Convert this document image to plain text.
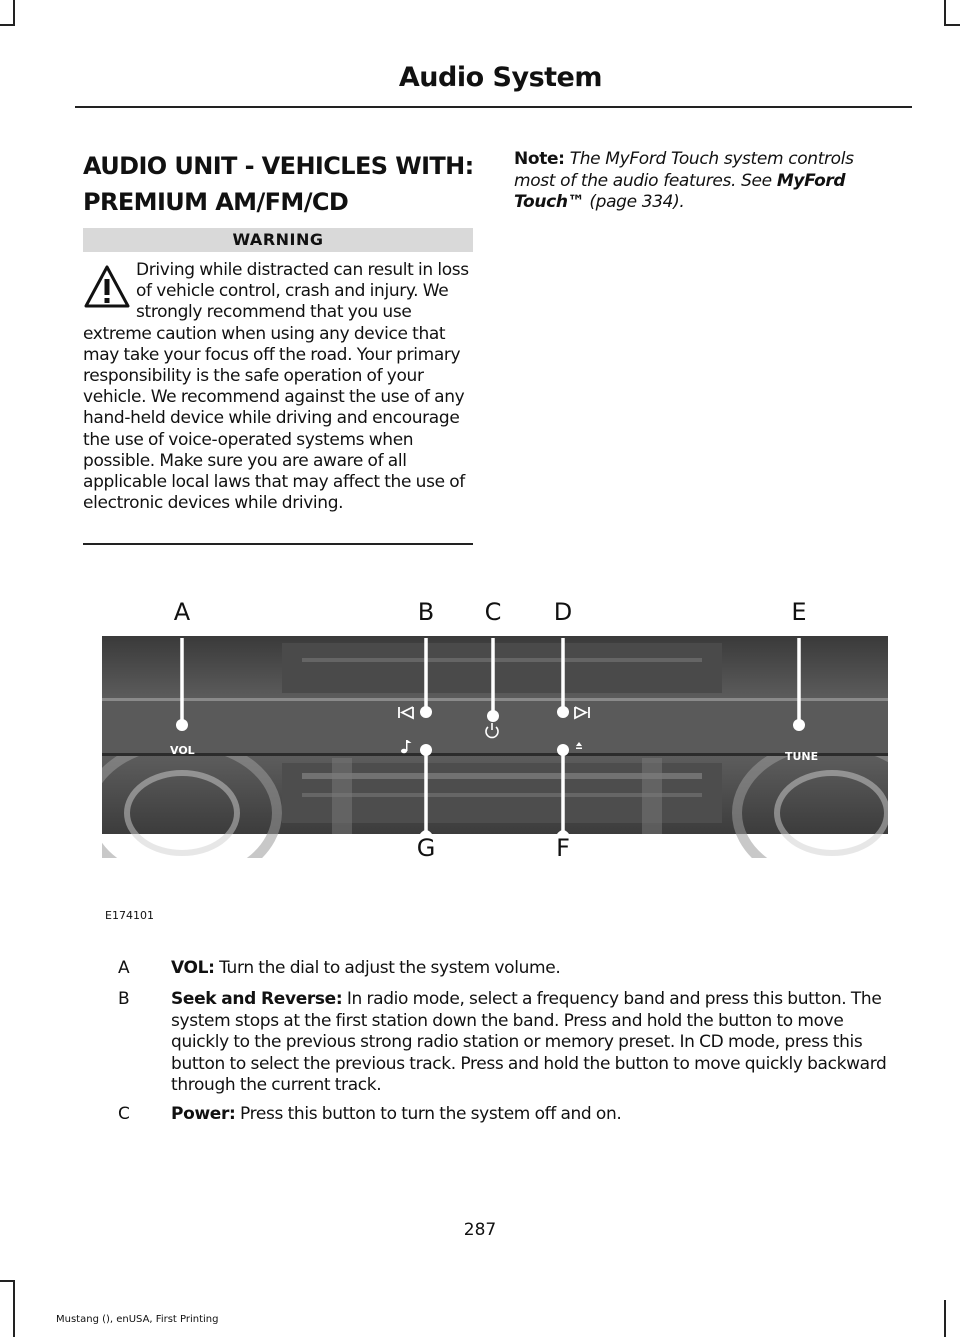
Audio System
AUDIO UNIT - VEHICLES WITH:
PREMIUM AM/FM/CD
WARNING
Driving while distracted can result in loss of vehicle control, crash and injury. We strongly recommend that you use extreme caution when using any device that may take your focus off the road. Your primary responsibility is the safe operation of your vehicle. We recommend against the use of any hand-held device while driving and encourage the use of voice-operated systems when possible. Make sure you are aware of all applicable local laws that may affect the use of electronic devices while driving.
Note: The MyFord Touch system controls most of the audio features. See MyFord Touch™ (page 334).
VOL	TUNE
A	B C D	E
F
G
E174101
A	VOL: Turn the dial to adjust the system volume.
B	Seek and Reverse: In radio mode, select a frequency band and press this button. The system stops at the first station down the band. Press and hold the button to move quickly to the previous strong radio station or memory preset. In CD mode, press this button to select the previous track. Press and hold the button to move quickly backward through the current track.
C	Power: Press this button to turn the system off and on.
287
Mustang (), enUSA, First Printing
